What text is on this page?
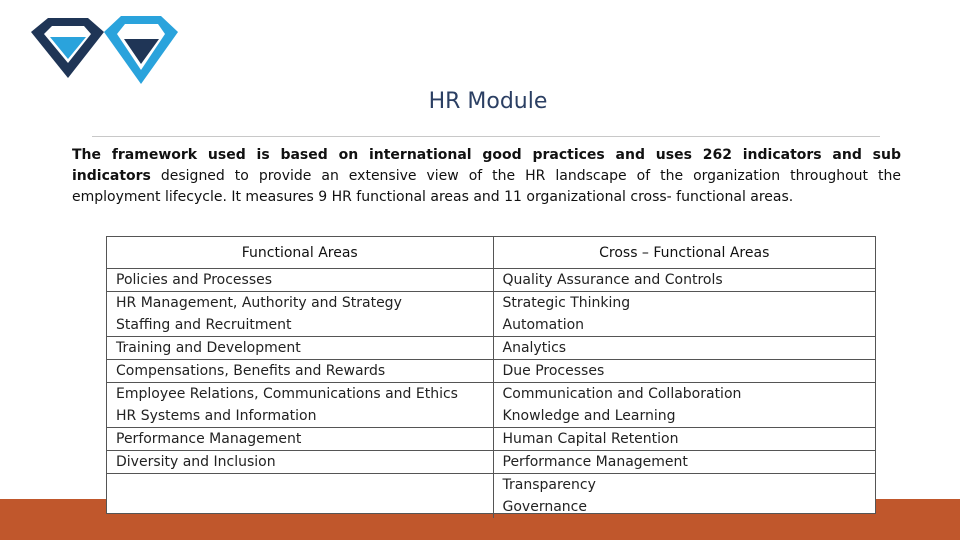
HR Module
The framework used is based on international good practices and uses 262 indicators and sub indicators designed to provide an extensive view of the HR landscape of the organization throughout the employment lifecycle. It measures 9 HR functional areas and 11 organizational cross- functional areas.
Functional Areas	Cross – Functional Areas
Policies and Processes	Quality Assurance and Controls
HR Management, Authority and Strategy	Strategic Thinking
Staffing and Recruitment	Automation
Training and Development	Analytics
Compensations, Benefits and Rewards	Due Processes
Employee Relations, Communications and Ethics	Communication and Collaboration
HR Systems and Information	Knowledge and Learning
Performance Management	Human Capital Retention
Diversity and Inclusion	Performance Management
	Transparency
	Governance
